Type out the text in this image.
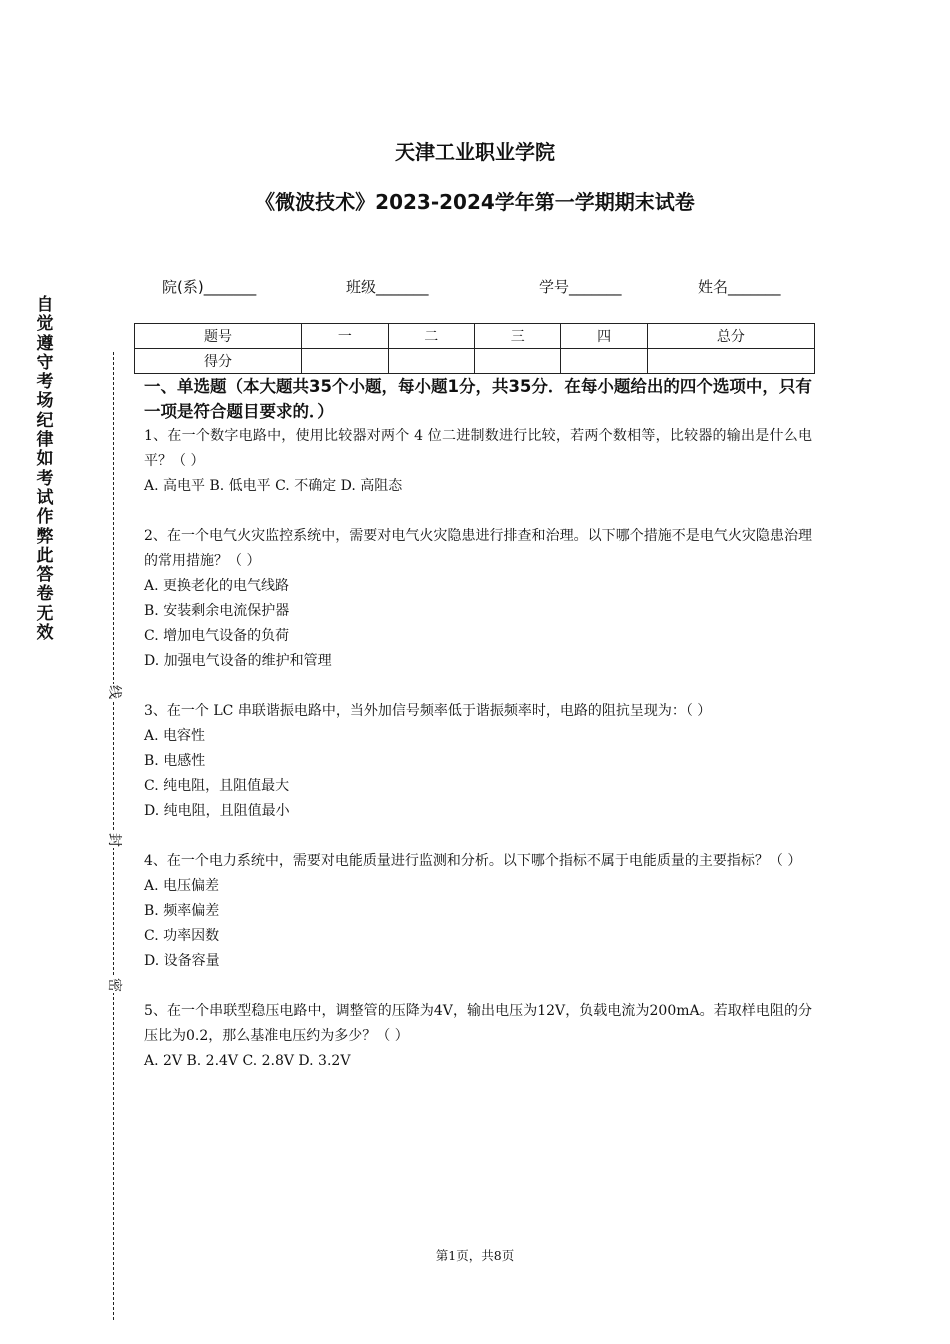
天津工业职业学院
《微波技术》2023-2024学年第一学期期末试卷
院(系)_______	班级_______	学号_______	姓名_______
题号	一	二	三	四	总分
得分					
自觉遵守考场纪律如考试作弊此答卷无效
线
封
密

一、单选题（本大题共35个小题，每小题1分，共35分．在每小题给出的四个选项中，只有一项是符合题目要求的．）

1、在一个数字电路中，使用比较器对两个 4 位二进制数进行比较，若两个数相等，比较器的输出是什么电平？（ ）

A. 高电平 B. 低电平 C. 不确定 D. 高阻态

2、在一个电气火灾监控系统中，需要对电气火灾隐患进行排查和治理。以下哪个措施不是电气火灾隐患治理的常用措施？（ ）

A. 更换老化的电气线路

B. 安装剩余电流保护器

C. 增加电气设备的负荷

D. 加强电气设备的维护和管理

3、在一个 LC 串联谐振电路中，当外加信号频率低于谐振频率时，电路的阻抗呈现为：（ ）

A. 电容性

B. 电感性

C. 纯电阻，且阻值最大

D. 纯电阻，且阻值最小

4、在一个电力系统中，需要对电能质量进行监测和分析。以下哪个指标不属于电能质量的主要指标？（ ）

A. 电压偏差

B. 频率偏差

C. 功率因数

D. 设备容量

5、在一个串联型稳压电路中，调整管的压降为4V，输出电压为12V，负载电流为200mA。若取样电阻的分压比为0.2，那么基准电压约为多少？（ ）

A. 2V B. 2.4V C. 2.8V D. 3.2V

第1页，共8页
